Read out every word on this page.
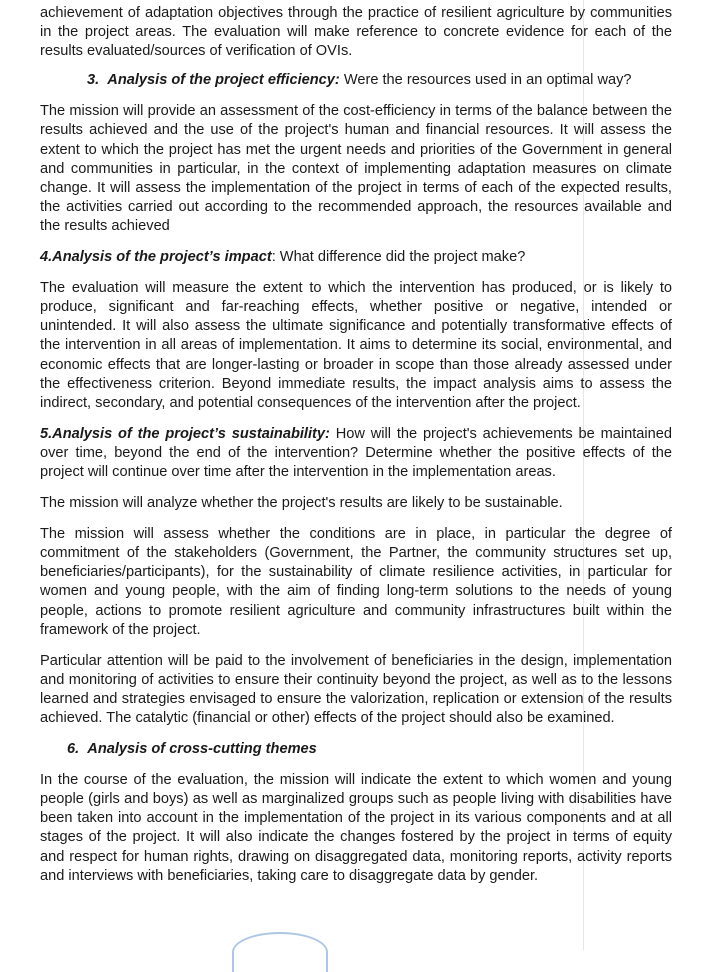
achievement of adaptation objectives through the practice of resilient agriculture by communities in the project areas. The evaluation will make reference to concrete evidence for each of the results evaluated/sources of verification of OVIs.

3. Analysis of the project efficiency: Were the resources used in an optimal way?

The mission will provide an assessment of the cost-efficiency in terms of the balance between the results achieved and the use of the project's human and financial resources. It will assess the extent to which the project has met the urgent needs and priorities of the Government in general and communities in particular, in the context of implementing adaptation measures on climate change. It will assess the implementation of the project in terms of each of the expected results, the activities carried out according to the recommended approach, the resources available and the results achieved

4.Analysis of the project’s impact: What difference did the project make?

The evaluation will measure the extent to which the intervention has produced, or is likely to produce, significant and far-reaching effects, whether positive or negative, intended or unintended. It will also assess the ultimate significance and potentially transformative effects of the intervention in all areas of implementation. It aims to determine its social, environmental, and economic effects that are longer-lasting or broader in scope than those already assessed under the effectiveness criterion. Beyond immediate results, the impact analysis aims to assess the indirect, secondary, and potential consequences of the intervention after the project.

5.Analysis of the project’s sustainability: How will the project's achievements be maintained over time, beyond the end of the intervention? Determine whether the positive effects of the project will continue over time after the intervention in the implementation areas.

The mission will analyze whether the project's results are likely to be sustainable.

The mission will assess whether the conditions are in place, in particular the degree of commitment of the stakeholders (Government, the Partner, the community structures set up, beneficiaries/participants), for the sustainability of climate resilience activities, in particular for women and young people, with the aim of finding long-term solutions to the needs of young people, actions to promote resilient agriculture and community infrastructures built within the framework of the project.

Particular attention will be paid to the involvement of beneficiaries in the design, implementation and monitoring of activities to ensure their continuity beyond the project, as well as to the lessons learned and strategies envisaged to ensure the valorization, replication or extension of the results achieved. The catalytic (financial or other) effects of the project should also be examined.

6. Analysis of cross-cutting themes

In the course of the evaluation, the mission will indicate the extent to which women and young people (girls and boys) as well as marginalized groups such as people living with disabilities have been taken into account in the implementation of the project in its various components and at all stages of the project. It will also indicate the changes fostered by the project in terms of equity and respect for human rights, drawing on disaggregated data, monitoring reports, activity reports and interviews with beneficiaries, taking care to disaggregate data by gender.
